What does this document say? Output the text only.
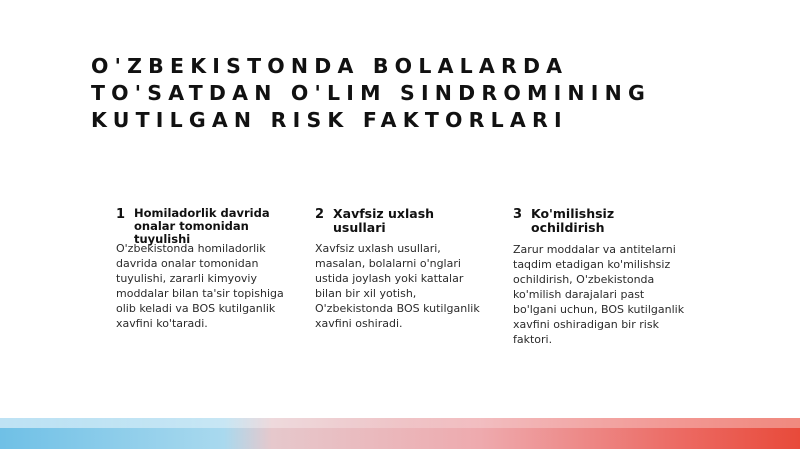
O'ZBEKISTONDA BOLALARDA TO'SATDAN O'LIM SINDROMINING KUTILGAN RISK FAKTORLARI
1 Homiladorlik davrida onalar tomonidan tuyulishi

O'zbekistonda homiladorlik davrida onalar tomonidan tuyulishi, zararli kimyoviy moddalar bilan ta'sir topishiga olib keladi va BOS kutilganlik xavfini ko'taradi.

2 Xavfsiz uxlash usullari

Xavfsiz uxlash usullari, masalan, bolalarni o'nglari ustida joylash yoki kattalar bilan bir xil yotish, O'zbekistonda BOS kutilganlik xavfini oshiradi.

3 Ko'milishsiz ochildirish

Zarur moddalar va antitelarni taqdim etadigan ko'milishsiz ochildirish, O'zbekistonda ko'milish darajalari past bo'lgani uchun, BOS kutilganlik xavfini oshiradigan bir risk faktori.
